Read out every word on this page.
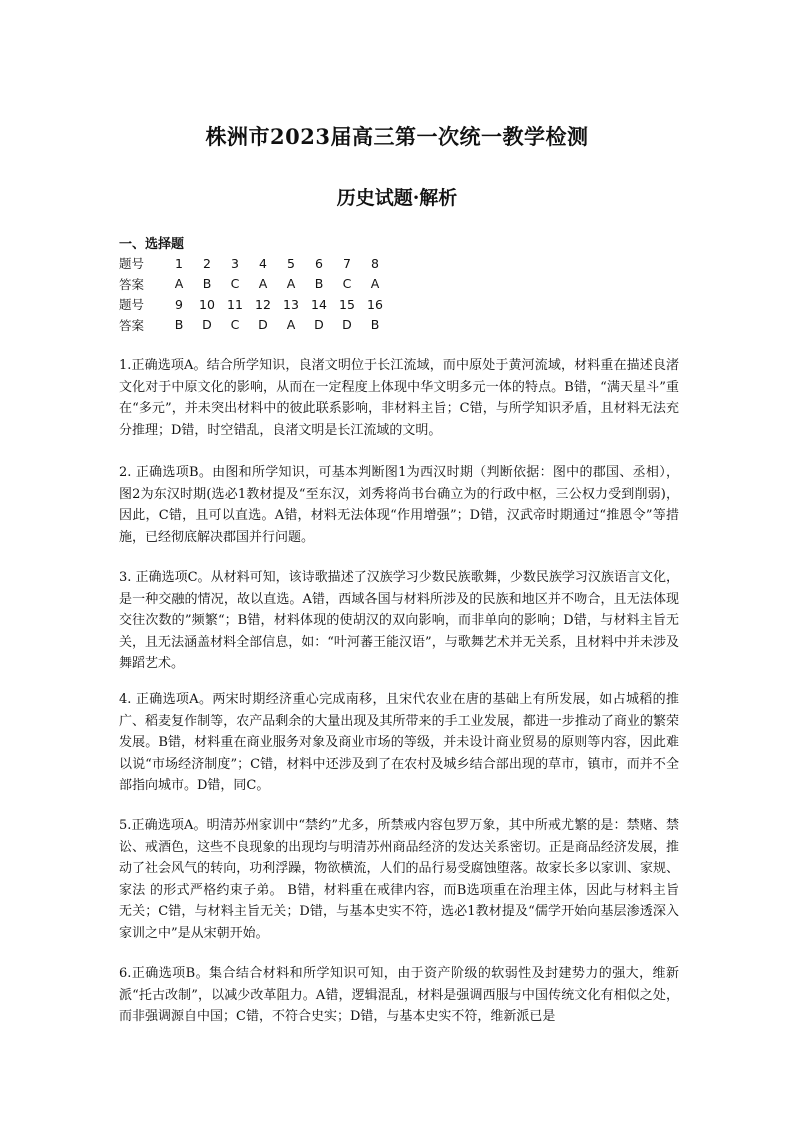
株洲市2023届高三第一次统一教学检测
历史试题·解析
一、选择题
题号	1	2	3	4	5	6	7	8
答案	A	B	C	A	A	B	C	A
题号	9	10	11	12	13	14	15	16
答案	B	D	C	D	A	D	D	B
1.正确选项A。结合所学知识，良渚文明位于长江流域，而中原处于黄河流域，材料重在描述良渚文化对于中原文化的影响，从而在一定程度上体现中华文明多元一体的特点。B错，“满天星斗”重在“多元”，并未突出材料中的彼此联系影响，非材料主旨；C错，与所学知识矛盾，且材料无法充分推理；D错，时空错乱，良渚文明是长江流域的文明。
2. 正确选项B。由图和所学知识，可基本判断图1为西汉时期（判断依据：图中的郡国、丞相），图2为东汉时期(选必1教材提及“至东汉，刘秀将尚书台确立为的行政中枢，三公权力受到削弱)，因此，C错，且可以直选。A错，材料无法体现“作用增强”；D错，汉武帝时期通过“推恩令”等措施，已经彻底解决郡国并行问题。
3. 正确选项C。从材料可知，该诗歌描述了汉族学习少数民族歌舞，少数民族学习汉族语言文化，是一种交融的情况，故以直选。A错，西域各国与材料所涉及的民族和地区并不吻合，且无法体现交往次数的”频繁“；B错，材料体现的使胡汉的双向影响，而非单向的影响；D错，与材料主旨无关，且无法涵盖材料全部信息，如：“叶河蕃王能汉语”，与歌舞艺术并无关系，且材料中并未涉及舞蹈艺术。
4. 正确选项A。两宋时期经济重心完成南移，且宋代农业在唐的基础上有所发展，如占城稻的推广、稻麦复作制等，农产品剩余的大量出现及其所带来的手工业发展，都进一步推动了商业的繁荣发展。B错，材料重在商业服务对象及商业市场的等级，并未设计商业贸易的原则等内容，因此难以说“市场经济制度”；C错，材料中还涉及到了在农村及城乡结合部出现的草市，镇市，而并不全部指向城市。D错，同C。
5.正确选项A。明清苏州家训中“禁约”尤多，所禁戒内容包罗万象，其中所戒尤繁的是：禁赌、禁讼、戒酒色，这些不良现象的出现均与明清苏州商品经济的发达关系密切。正是商品经济发展，推动了社会风气的转向，功利浮躁，物欲横流，人们的品行易受腐蚀堕落。故家长多以家训、家规、家法 的形式严格约束子弟。 B错，材料重在戒律内容，而B选项重在治理主体，因此与材料主旨无关；C错，与材料主旨无关；D错，与基本史实不符，选必1教材提及“儒学开始向基层渗透深入家训之中”是从宋朝开始。
6.正确选项B。集合结合材料和所学知识可知，由于资产阶级的软弱性及封建势力的强大，维新派“托古改制”，以减少改革阻力。A错，逻辑混乱，材料是强调西服与中国传统文化有相似之处，而非强调源自中国；C错，不符合史实；D错，与基本史实不符，维新派已是
